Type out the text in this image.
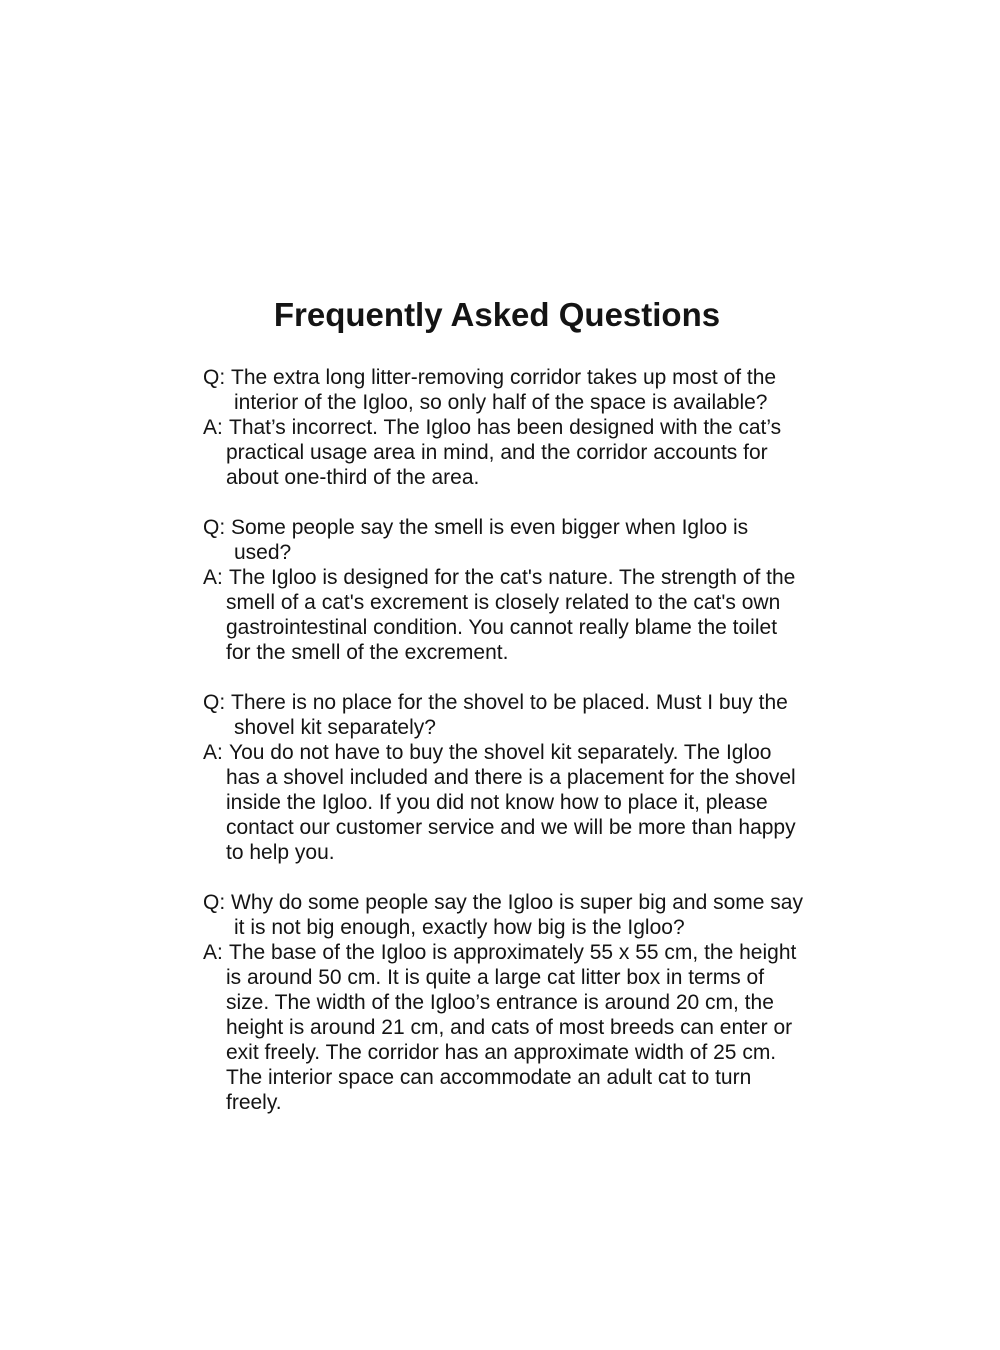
Frequently Asked Questions
Q: The extra long litter-removing corridor takes up most of the
interior of the Igloo, so only half of the space is available?
A: That’s incorrect. The Igloo has been designed with the cat’s
practical usage area in mind, and the corridor accounts for
about one-third of the area.
Q: Some people say the smell is even bigger when Igloo is
used?
A: The Igloo is designed for the cat's nature. The strength of the
smell of a cat's excrement is closely related to the cat's own
gastrointestinal condition. You cannot really blame the toilet
for the smell of the excrement.
Q: There is no place for the shovel to be placed. Must I buy the
shovel kit separately?
A: You do not have to buy the shovel kit separately. The Igloo
has a shovel included and there is a placement for the shovel
inside the Igloo. If you did not know how to place it, please
contact our customer service and we will be more than happy
to help you.
Q: Why do some people say the Igloo is super big and some say
it is not big enough, exactly how big is the Igloo?
A: The base of the Igloo is approximately 55 x 55 cm, the height
is around 50 cm. It is quite a large cat litter box in terms of
size. The width of the Igloo’s entrance is around 20 cm, the
height is around 21 cm, and cats of most breeds can enter or
exit freely. The corridor has an approximate width of 25 cm.
The interior space can accommodate an adult cat to turn
freely.
